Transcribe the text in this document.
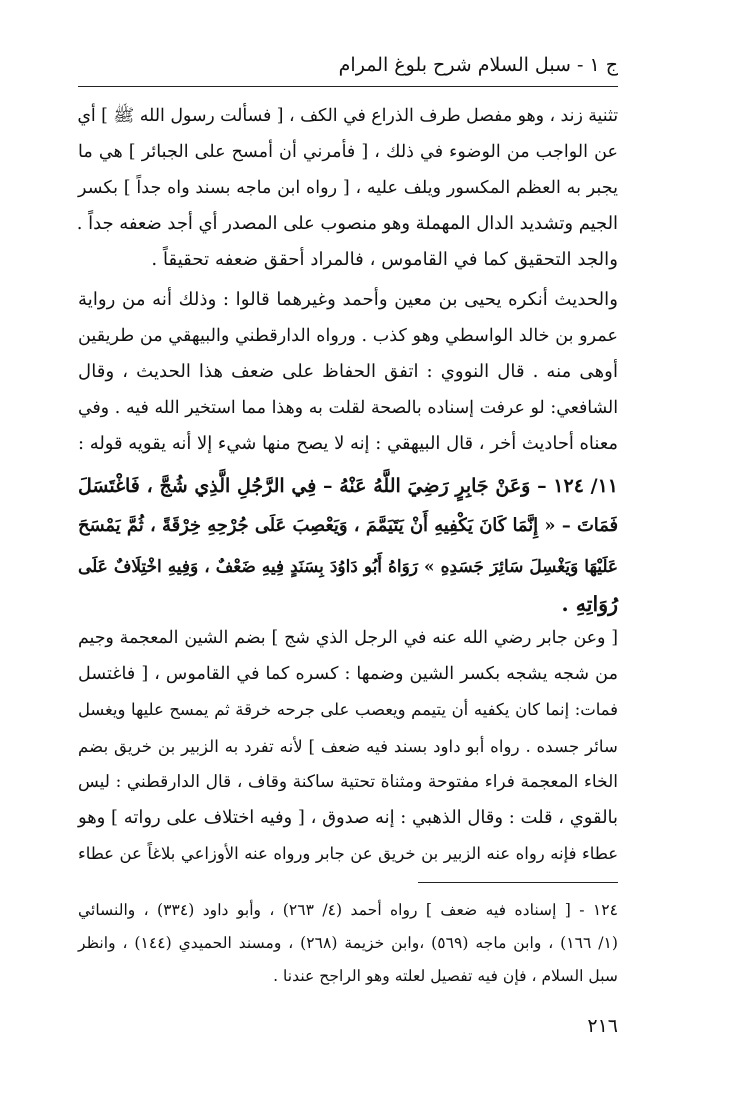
ج ١ - سبل السلام شرح بلوغ المرام
تثنية زند ، وهو مفصل طرف الذراع في الكف ، [ فسألت رسول الله ﷺ ] أي
عن الواجب من الوضوء في ذلك ، [ فأمرني أن أمسح على الجبائر ] هي ما
يجبر به العظم المكسور ويلف عليه ، [ رواه ابن ماجه بسند واه جداً ] بكسر
الجيم وتشديد الدال المهملة وهو منصوب على المصدر أي أجد ضعفه جداً .
والجد التحقيق كما في القاموس ، فالمراد أحقق ضعفه تحقيقاً .
والحديث أنكره يحيى بن معين وأحمد وغيرهما قالوا : وذلك أنه من رواية
عمرو بن خالد الواسطي وهو كذب . ورواه الدارقطني والبيهقي من طريقين
أوهى منه . قال النووي : اتفق الحفاظ على ضعف هذا الحديث ، وقال
الشافعي: لو عرفت إسناده بالصحة لقلت به وهذا مما استخير الله فيه . وفي
معناه أحاديث أخر ، قال البيهقي : إنه لا يصح منها شيء إلا أنه يقويه قوله :
١١/ ١٢٤ – وَعَنْ جَابِرٍ رَضِيَ اللَّهُ عَنْهُ – فِي الرَّجُلِ الَّذِي شُجَّ ، فَاغْتَسَلَ
فَمَاتَ – « إِنَّمَا كَانَ يَكْفِيهِ أَنْ يَتَيَمَّمَ ، وَيَعْصِبَ عَلَى جُرْحِهِ خِرْقَةً ، ثُمَّ يَمْسَحَ
عَلَيْهَا وَيَغْسِلَ سَائِرَ جَسَدِهِ » رَوَاهُ أَبُو دَاوُدَ بِسَنَدٍ فِيهِ ضَعْفٌ ، وَفِيهِ اخْتِلَافٌ عَلَى
رُوَاتِهِ .
[ وعن جابر رضي الله عنه في الرجل الذي شج ] بضم الشين المعجمة وجيم
من شجه يشجه بكسر الشين وضمها : كسره كما في القاموس ، [ فاغتسل
فمات: إنما كان يكفيه أن يتيمم ويعصب على جرحه خرقة ثم يمسح عليها ويغسل
سائر جسده . رواه أبو داود بسند فيه ضعف ] لأنه تفرد به الزبير بن خريق بضم
الخاء المعجمة فراء مفتوحة ومثناة تحتية ساكنة وقاف ، قال الدارقطني : ليس
بالقوي ، قلت : وقال الذهبي : إنه صدوق ، [ وفيه اختلاف على رواته ] وهو
عطاء فإنه رواه عنه الزبير بن خريق عن جابر ورواه عنه الأوزاعي بلاغاً عن عطاء
١٢٤ - [ إسناده فيه ضعف ] رواه أحمد (٤/ ٢٦٣) ، وأبو داود (٣٣٤) ، والنسائي
(١/ ١٦٦) ، وابن ماجه (٥٦٩) ،وابن خزيمة (٢٦٨) ، ومسند الحميدي (١٤٤) ، وانظر
سبل السلام ، فإن فيه تفصيل لعلته وهو الراجح عندنا .
٢١٦
